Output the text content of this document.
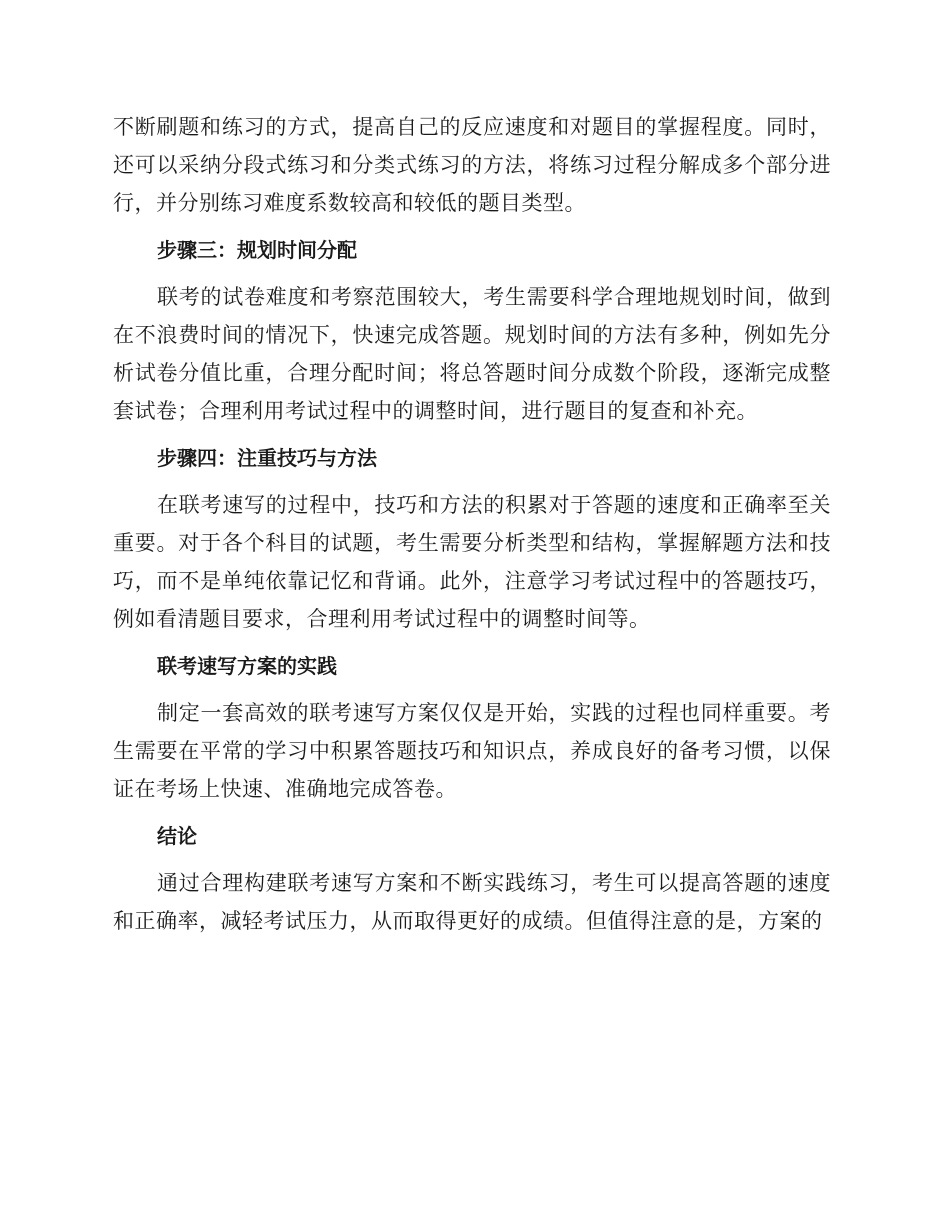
不断刷题和练习的方式，提高自己的反应速度和对题目的掌握程度。同时，还可以采纳分段式练习和分类式练习的方法，将练习过程分解成多个部分进行，并分别练习难度系数较高和较低的题目类型。

步骤三：规划时间分配

联考的试卷难度和考察范围较大，考生需要科学合理地规划时间，做到在不浪费时间的情况下，快速完成答题。规划时间的方法有多种，例如先分析试卷分值比重，合理分配时间；将总答题时间分成数个阶段，逐渐完成整套试卷；合理利用考试过程中的调整时间，进行题目的复查和补充。

步骤四：注重技巧与方法

在联考速写的过程中，技巧和方法的积累对于答题的速度和正确率至关重要。对于各个科目的试题，考生需要分析类型和结构，掌握解题方法和技巧，而不是单纯依靠记忆和背诵。此外，注意学习考试过程中的答题技巧，例如看清题目要求，合理利用考试过程中的调整时间等。

联考速写方案的实践

制定一套高效的联考速写方案仅仅是开始，实践的过程也同样重要。考生需要在平常的学习中积累答题技巧和知识点，养成良好的备考习惯，以保证在考场上快速、准确地完成答卷。

结论

通过合理构建联考速写方案和不断实践练习，考生可以提高答题的速度和正确率，减轻考试压力，从而取得更好的成绩。但值得注意的是，方案的
